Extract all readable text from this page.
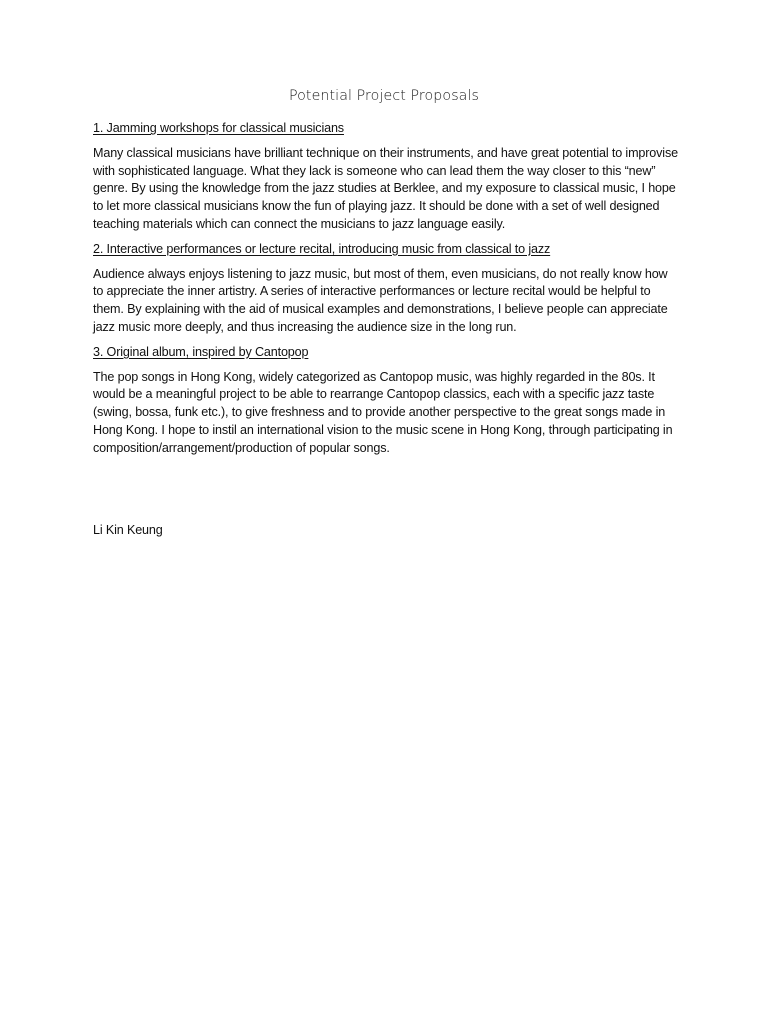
Potential Project Proposals

1. Jamming workshops for classical musicians

Many classical musicians have brilliant technique on their instruments, and have great potential to improvise with sophisticated language. What they lack is someone who can lead them the way closer to this “new” genre. By using the knowledge from the jazz studies at Berklee, and my exposure to classical music, I hope to let more classical musicians know the fun of playing jazz. It should be done with a set of well designed teaching materials which can connect the musicians to jazz language easily.

2. Interactive performances or lecture recital, introducing music from classical to jazz

Audience always enjoys listening to jazz music, but most of them, even musicians, do not really know how to appreciate the inner artistry. A series of interactive performances or lecture recital would be helpful to them. By explaining with the aid of musical examples and demonstrations, I believe people can appreciate jazz music more deeply, and thus increasing the audience size in the long run.

3. Original album, inspired by Cantopop

The pop songs in Hong Kong, widely categorized as Cantopop music, was highly regarded in the 80s. It would be a meaningful project to be able to rearrange Cantopop classics, each with a specific jazz taste (swing, bossa, funk etc.), to give freshness and to provide another perspective to the great songs made in Hong Kong. I hope to instil an international vision to the music scene in Hong Kong, through participating in composition/arrangement/production of popular songs.

Li Kin Keung
